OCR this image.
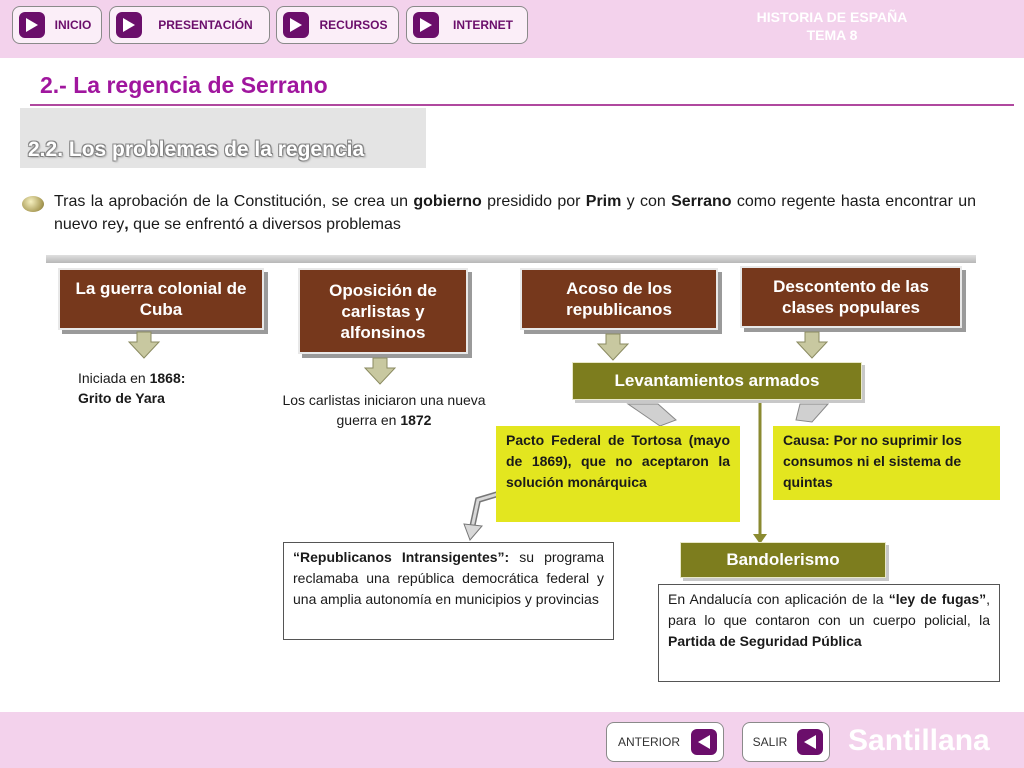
INICIO	PRESENTACIÓN	RECURSOS	INTERNET	HISTORIA DE ESPAÑA
TEMA 8
2.- La regencia de Serrano
2.2. Los problemas de la regencia
Tras la aprobación de la Constitución, se crea un gobierno presidido por Prim y con Serrano como regente hasta encontrar un nuevo rey, que se enfrentó a diversos problemas
La guerra colonial de Cuba
Oposición de carlistas y alfonsinos
Acoso de los republicanos
Descontento de las clases populares
Iniciada en 1868:
Grito de Yara	Los carlistas iniciaron una nueva guerra en 1872
Levantamientos armados
Pacto Federal de Tortosa (mayo de 1869), que no aceptaron la solución monárquica
Causa: Por no suprimir los consumos ni el sistema de quintas
“Republicanos Intransigentes”: su programa reclamaba una república democrática federal y una amplia autonomía en municipios y provincias
Bandolerismo
En Andalucía con aplicación de la “ley de fugas”, para lo que contaron con un cuerpo policial, la Partida de Seguridad Pública
ANTERIOR	SALIR	Santillana
